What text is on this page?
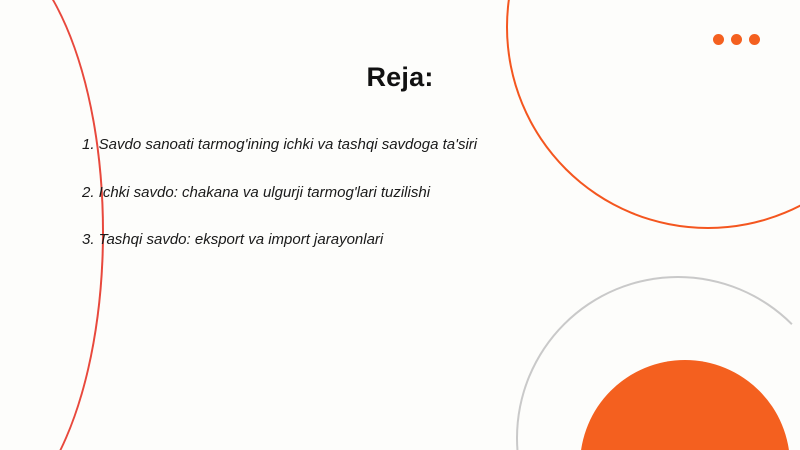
Reja:
1. Savdo sanoati tarmog'ining ichki va tashqi savdoga ta'siri
2. Ichki savdo: chakana va ulgurji tarmog'lari tuzilishi
3. Tashqi savdo: eksport va import jarayonlari
